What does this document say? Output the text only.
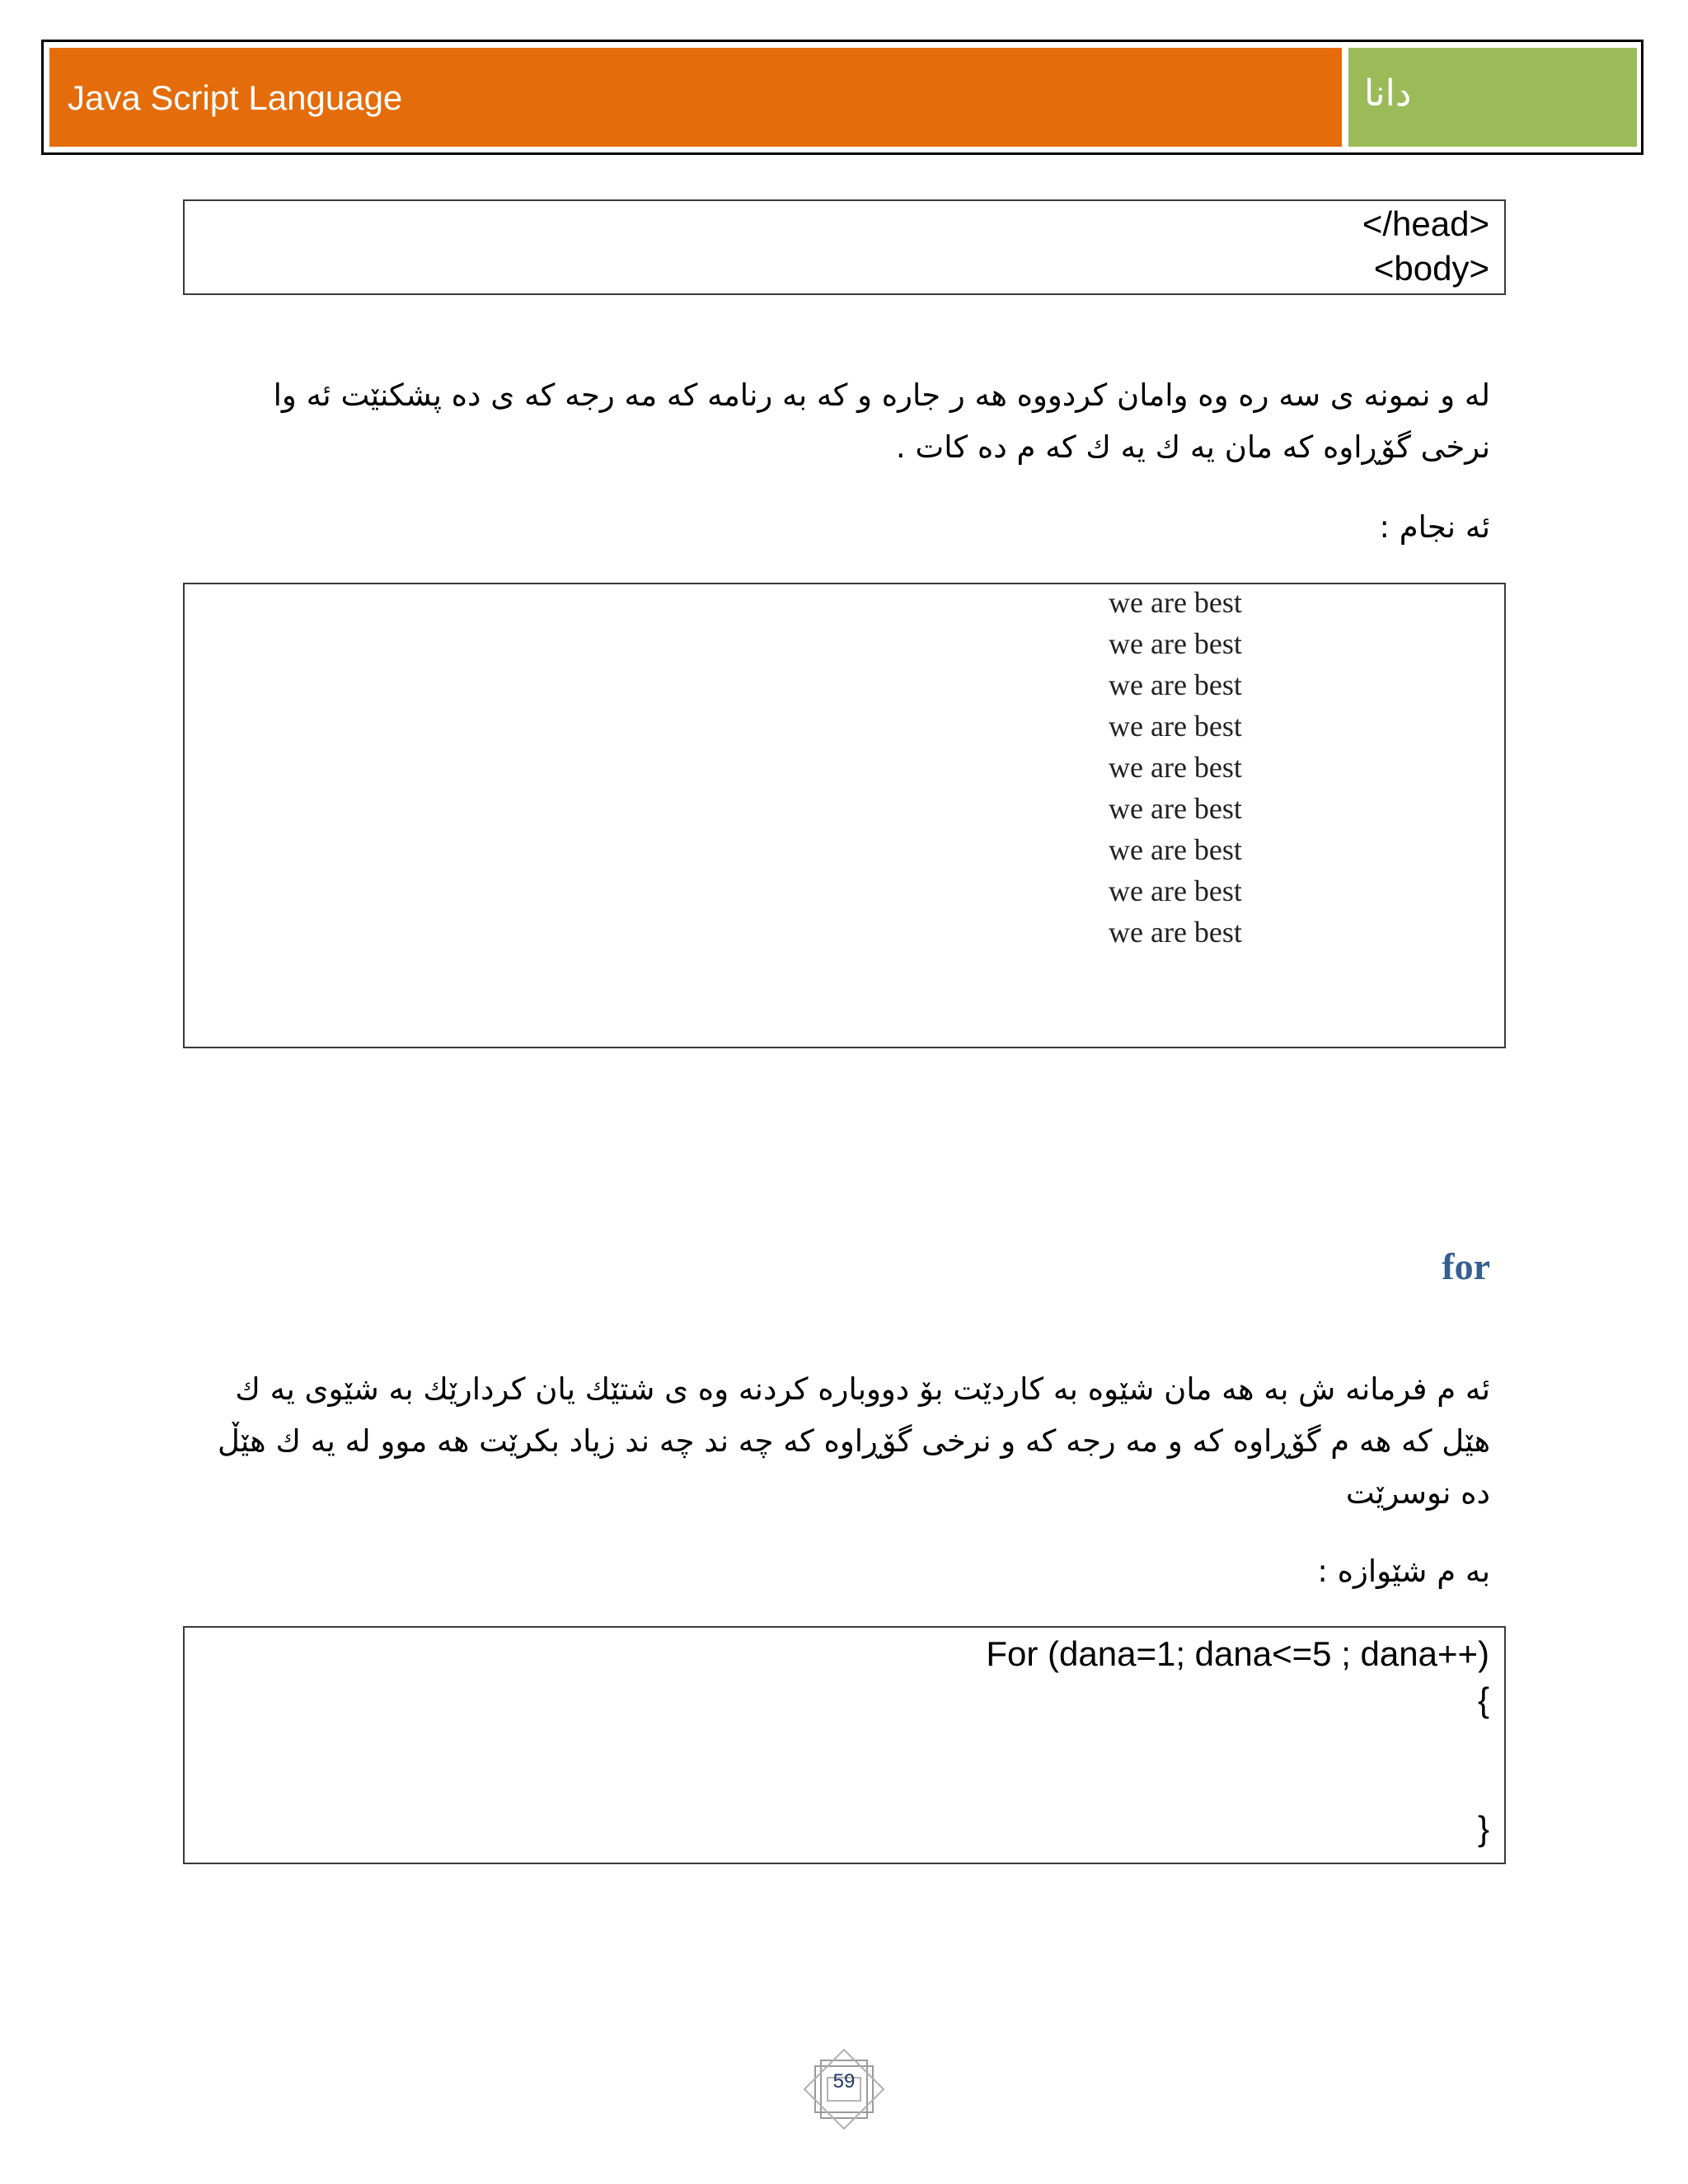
Java Script Language	دانا
</head>
<body>
له و نمونه ی سه ره وه وامان کردووه هه ر جاره و که به رنامه که مه رجه که ی ده پشکنێت ئه وا
نرخی گۆڕاوه که مان یه ك یه ك که م ده کات .
ئه نجام :
we are best
we are best
we are best
we are best
we are best
we are best
we are best
we are best
we are best
for
ئه م فرمانه ش به هه مان شێوه به کاردێت بۆ دووباره کردنه وه ی شتێك یان کردارێك به شێوی یه ك
هێل که هه م گۆڕاوه که و مه رجه که و نرخی گۆڕاوه که چه ند چه ند زیاد بکرێت هه موو له یه ك هێڵ
ده نوسرێت
به م شێوازه :
For (dana=1; dana<=5 ; dana++)
{
}
59
